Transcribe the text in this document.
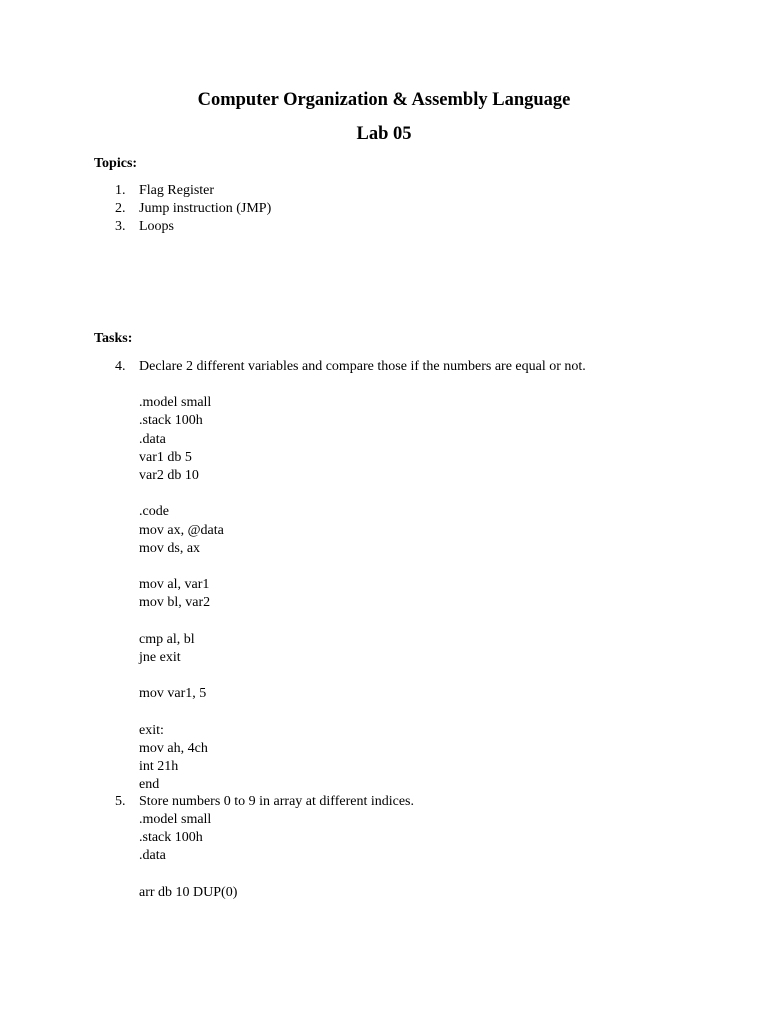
Computer Organization & Assembly Language
Lab 05
Topics:
1. Flag Register
2. Jump instruction (JMP)
3. Loops
Tasks:
4. Declare 2 different variables and compare those if the numbers are equal or not.
.model small
.stack 100h
.data
var1 db 5
var2 db 10
.code
mov ax, @data
mov ds, ax
mov al, var1
mov bl, var2
cmp al, bl
jne exit
mov var1, 5
exit:
mov ah, 4ch
int 21h
end
5. Store numbers 0 to 9 in array at different indices.
.model small
.stack 100h
.data
arr db 10 DUP(0)
